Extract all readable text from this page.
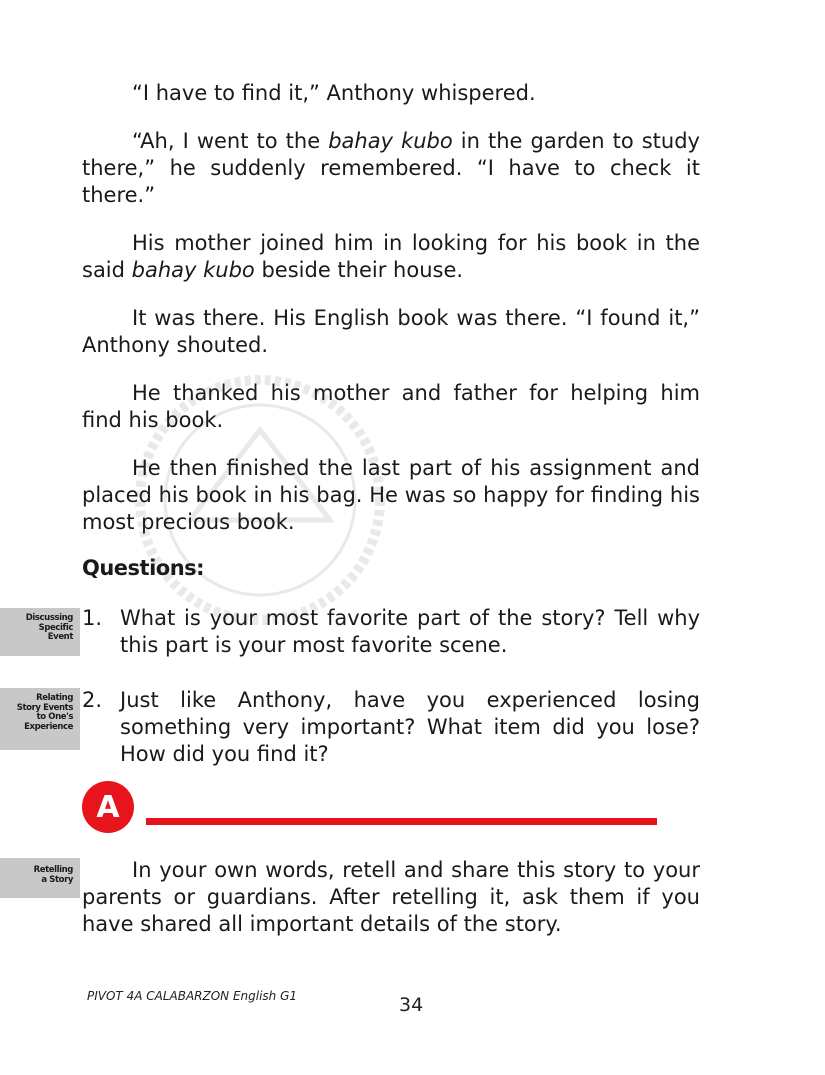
“I have to find it,” Anthony whispered.

“Ah, I went to the bahay kubo in the garden to study there,” he suddenly remembered. “I have to check it there.”

His mother joined him in looking for his book in the said bahay kubo beside their house.

It was there. His English book was there. “I found it,” Anthony shouted.

He thanked his mother and father for helping him find his book.

He then finished the last part of his assignment and placed his book in his bag. He was so happy for finding his most precious book.

Questions:
Discussing
Specific
Event

1. What is your most favorite part of the story? Tell why this part is your most favorite scene.

Relating
Story Events
to One's
Experience

2. Just like Anthony, have you experienced losing something very important? What item did you lose? How did you find it?

A
Retelling
a Story	In your own words, retell and share this story to your parents or guardians. After retelling it, ask them if you have shared all important details of the story.

PIVOT 4A CALABARZON English G1	34
